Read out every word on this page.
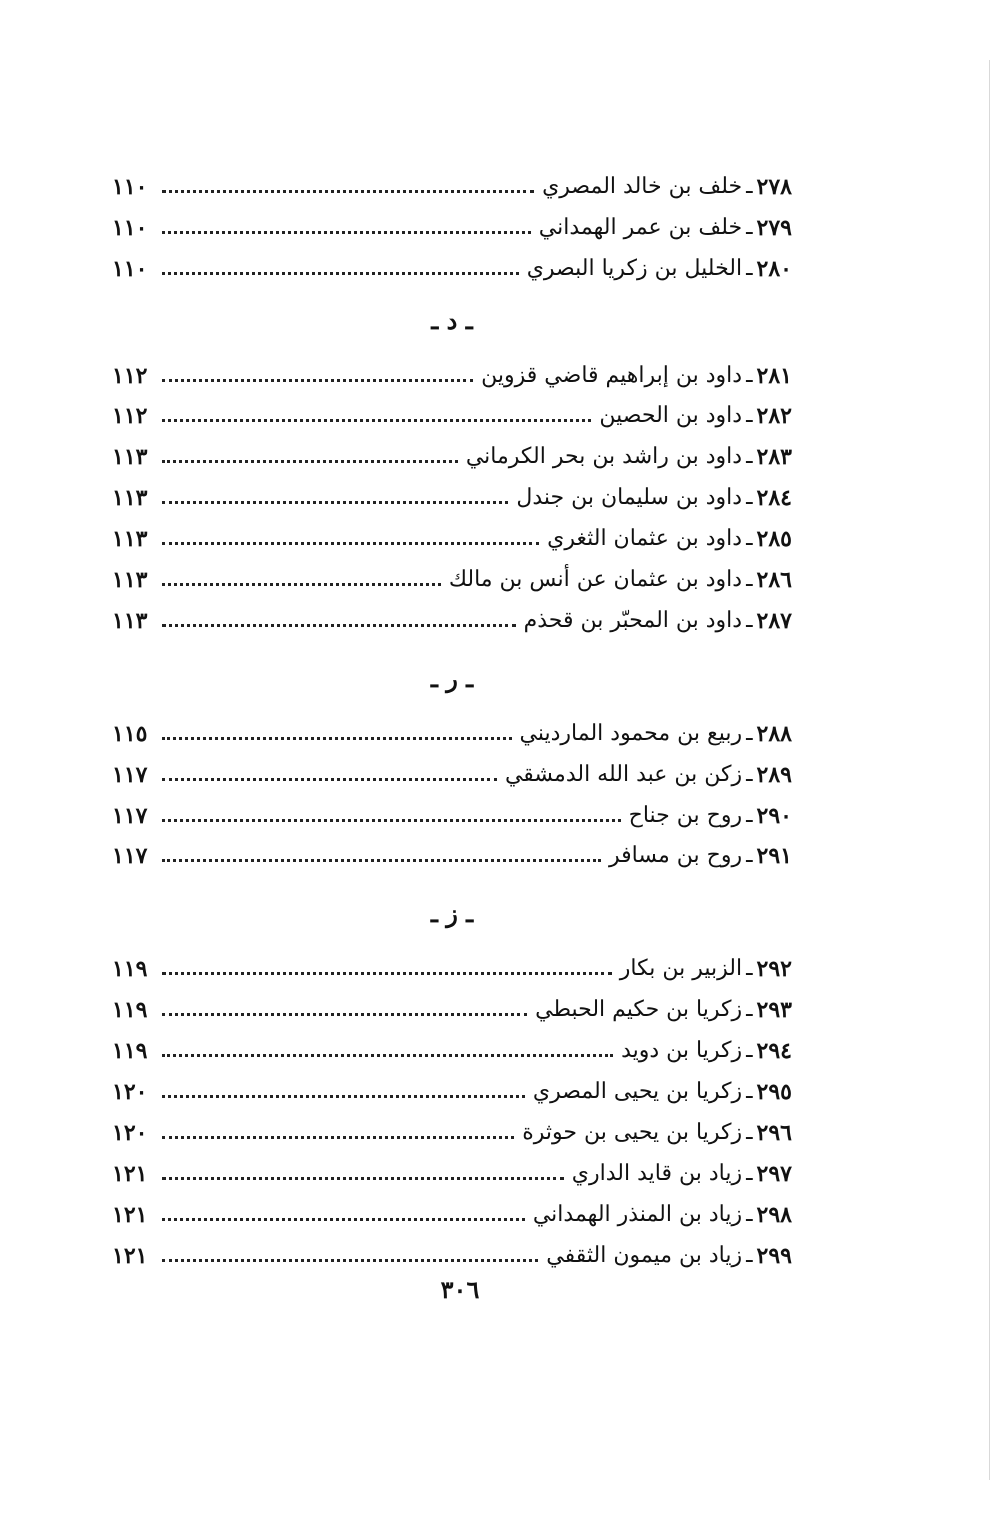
٢٧٨
ـ
خلف بن خالد المصري
١١٠
٢٧٩
ـ
خلف بن عمر الهمداني
١١٠
٢٨٠
ـ
الخليل بن زكريا البصري
١١٠
ـ د ـ
٢٨١
ـ
داود بن إبراهيم قاضي قزوين
١١٢
٢٨٢
ـ
داود بن الحصين
١١٢
٢٨٣
ـ
داود بن راشد بن بحر الكرماني
١١٣
٢٨٤
ـ
داود بن سليمان بن جندل
١١٣
٢٨٥
ـ
داود بن عثمان الثغري
١١٣
٢٨٦
ـ
داود بن عثمان عن أنس بن مالك
١١٣
٢٨٧
ـ
داود بن المحبّر بن قحذم
١١٣
ـ ر ـ
٢٨٨
ـ
ربيع بن محمود المارديني
١١٥
٢٨٩
ـ
زكن بن عبد الله الدمشقي
١١٧
٢٩٠
ـ
روح بن جناح
١١٧
٢٩١
ـ
روح بن مسافر
١١٧
ـ ز ـ
٢٩٢
ـ
الزبير بن بكار
١١٩
٢٩٣
ـ
زكريا بن حكيم الحبطي
١١٩
٢٩٤
ـ
زكريا بن دويد
١١٩
٢٩٥
ـ
زكريا بن يحيى المصري
١٢٠
٢٩٦
ـ
زكريا بن يحيى بن حوثرة
١٢٠
٢٩٧
ـ
زياد بن قايد الداري
١٢١
٢٩٨
ـ
زياد بن المنذر الهمداني
١٢١
٢٩٩
ـ
زياد بن ميمون الثقفي
١٢١
٣٠٦
